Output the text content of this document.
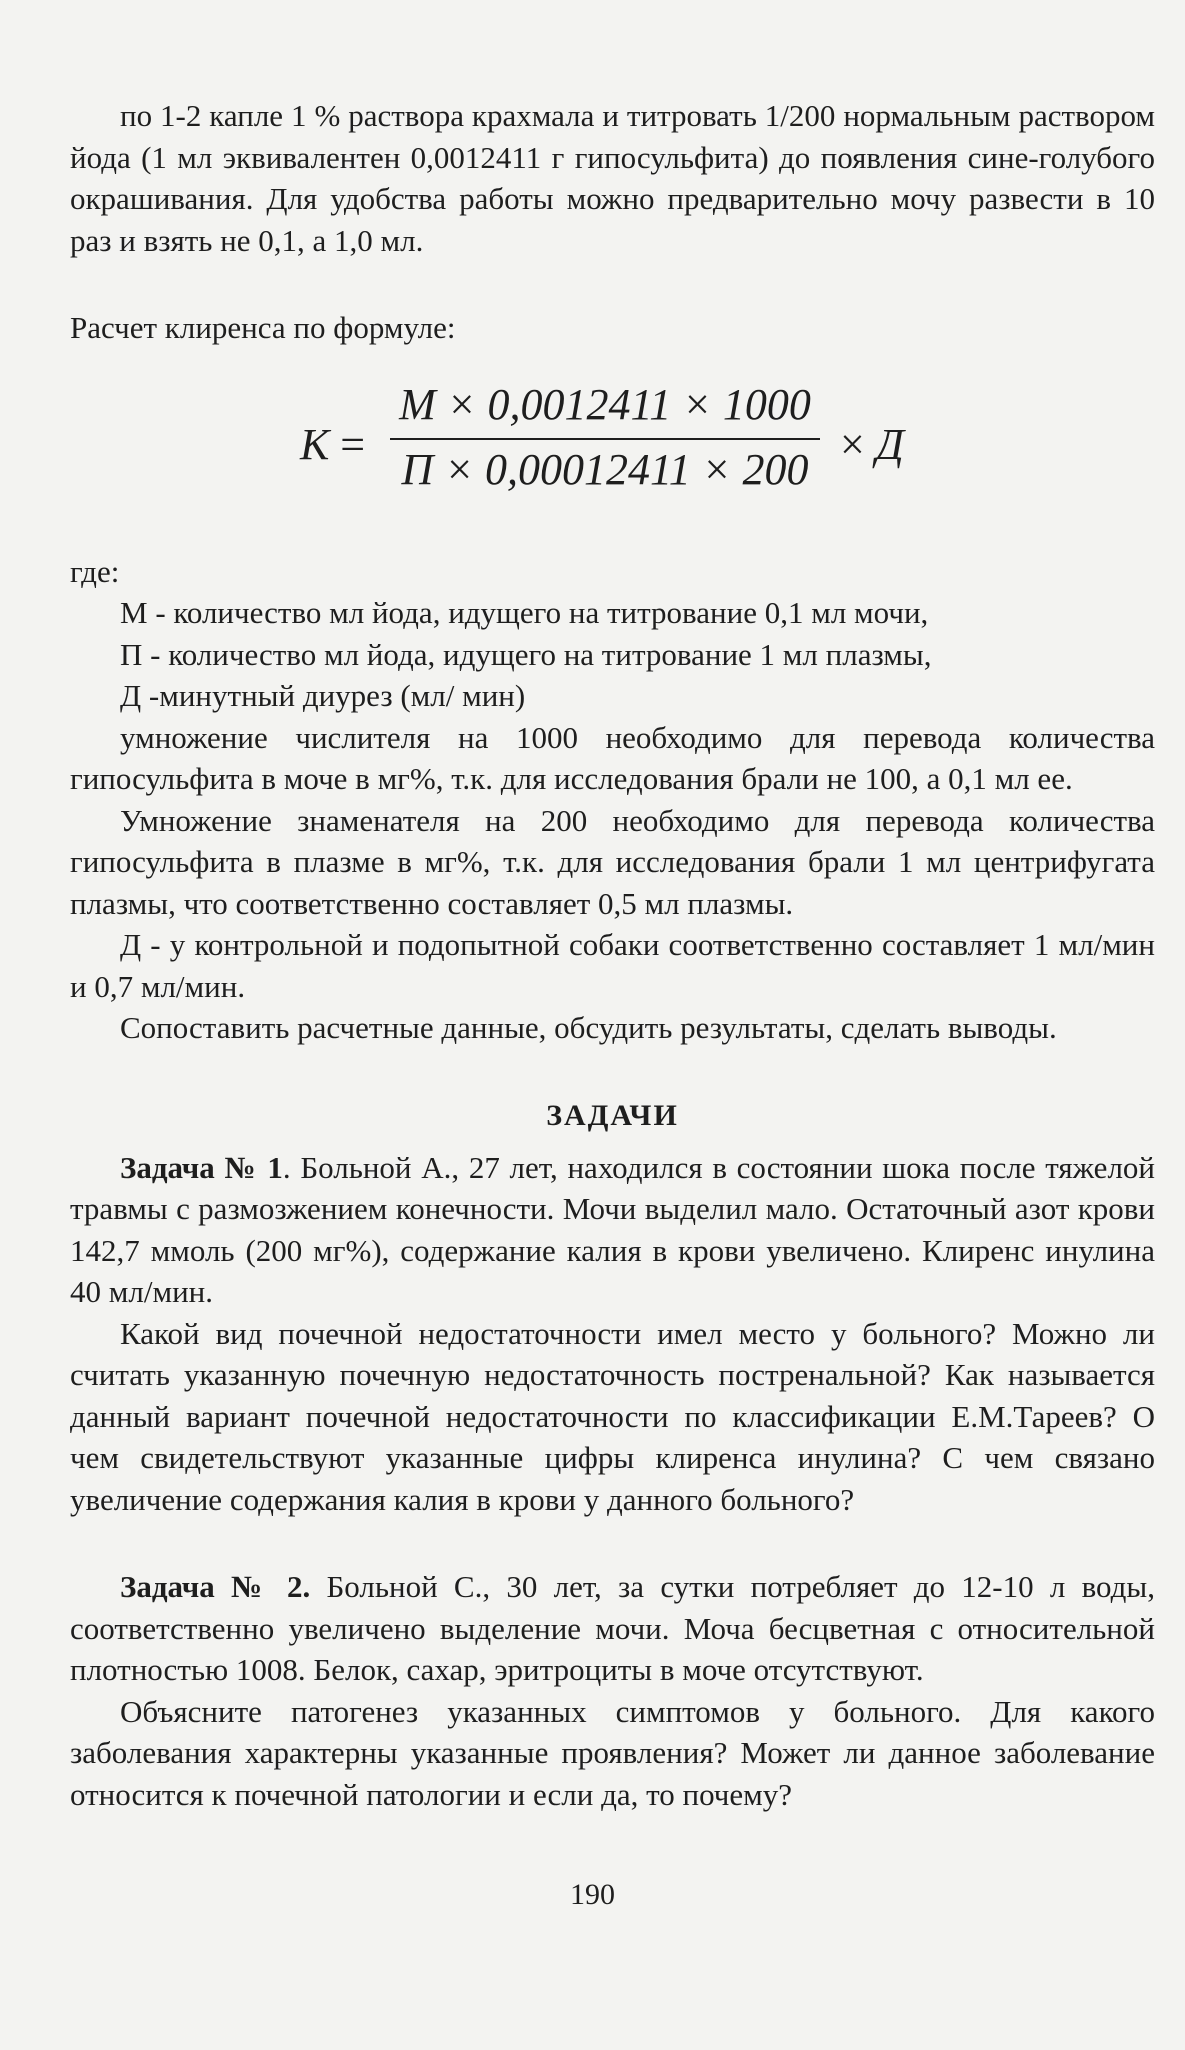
по 1-2 капле 1 % раствора крахмала и титровать 1/200 нормальным раствором йода (1 мл эквивалентен 0,0012411 г гипосульфита) до появления сине-голубого окрашивания. Для удобства работы можно предварительно мочу развести в 10 раз и взять не 0,1, а 1,0 мл.

Расчет клиренса по формуле:

К =
М × 0,0012411 × 1000
П × 0,00012411 × 200
× Д

где:

М - количество мл йода, идущего на титрование 0,1 мл мочи,

П - количество мл йода, идущего на титрование 1 мл плазмы,

Д -минутный диурез (мл/ мин)

умножение числителя на 1000 необходимо для перевода количества гипосульфита в моче в мг%, т.к. для исследования брали не 100, а 0,1 мл ее.

Умножение знаменателя на 200 необходимо для перевода количества гипосульфита в плазме в мг%, т.к. для исследования брали 1 мл центрифугата плазмы, что соответственно составляет 0,5 мл плазмы.

Д - у контрольной и подопытной собаки соответственно составляет 1 мл/мин и 0,7 мл/мин.

Сопоставить расчетные данные, обсудить результаты, сделать выводы.

ЗАДАЧИ

Задача № 1. Больной А., 27 лет, находился в состоянии шока после тяжелой травмы с размозжением конечности. Мочи выделил мало. Остаточный азот крови 142,7 ммоль (200 мг%), содержание калия в крови увеличено. Клиренс инулина 40 мл/мин.

Какой вид почечной недостаточности имел место у больного? Можно ли считать указанную почечную недостаточность постренальной? Как называется данный вариант почечной недостаточности по классификации Е.М.Тареев? О чем свидетельствуют указанные цифры клиренса инулина? С чем связано увеличение содержания калия в крови у данного больного?

Задача № 2. Больной С., 30 лет, за сутки потребляет до 12-10 л воды, соответственно увеличено выделение мочи. Моча бесцветная с относительной плотностью 1008. Белок, сахар, эритроциты в моче отсутствуют.

Объясните патогенез указанных симптомов у больного. Для какого заболевания характерны указанные проявления? Может ли данное заболевание относится к почечной патологии и если да, то почему?

190
